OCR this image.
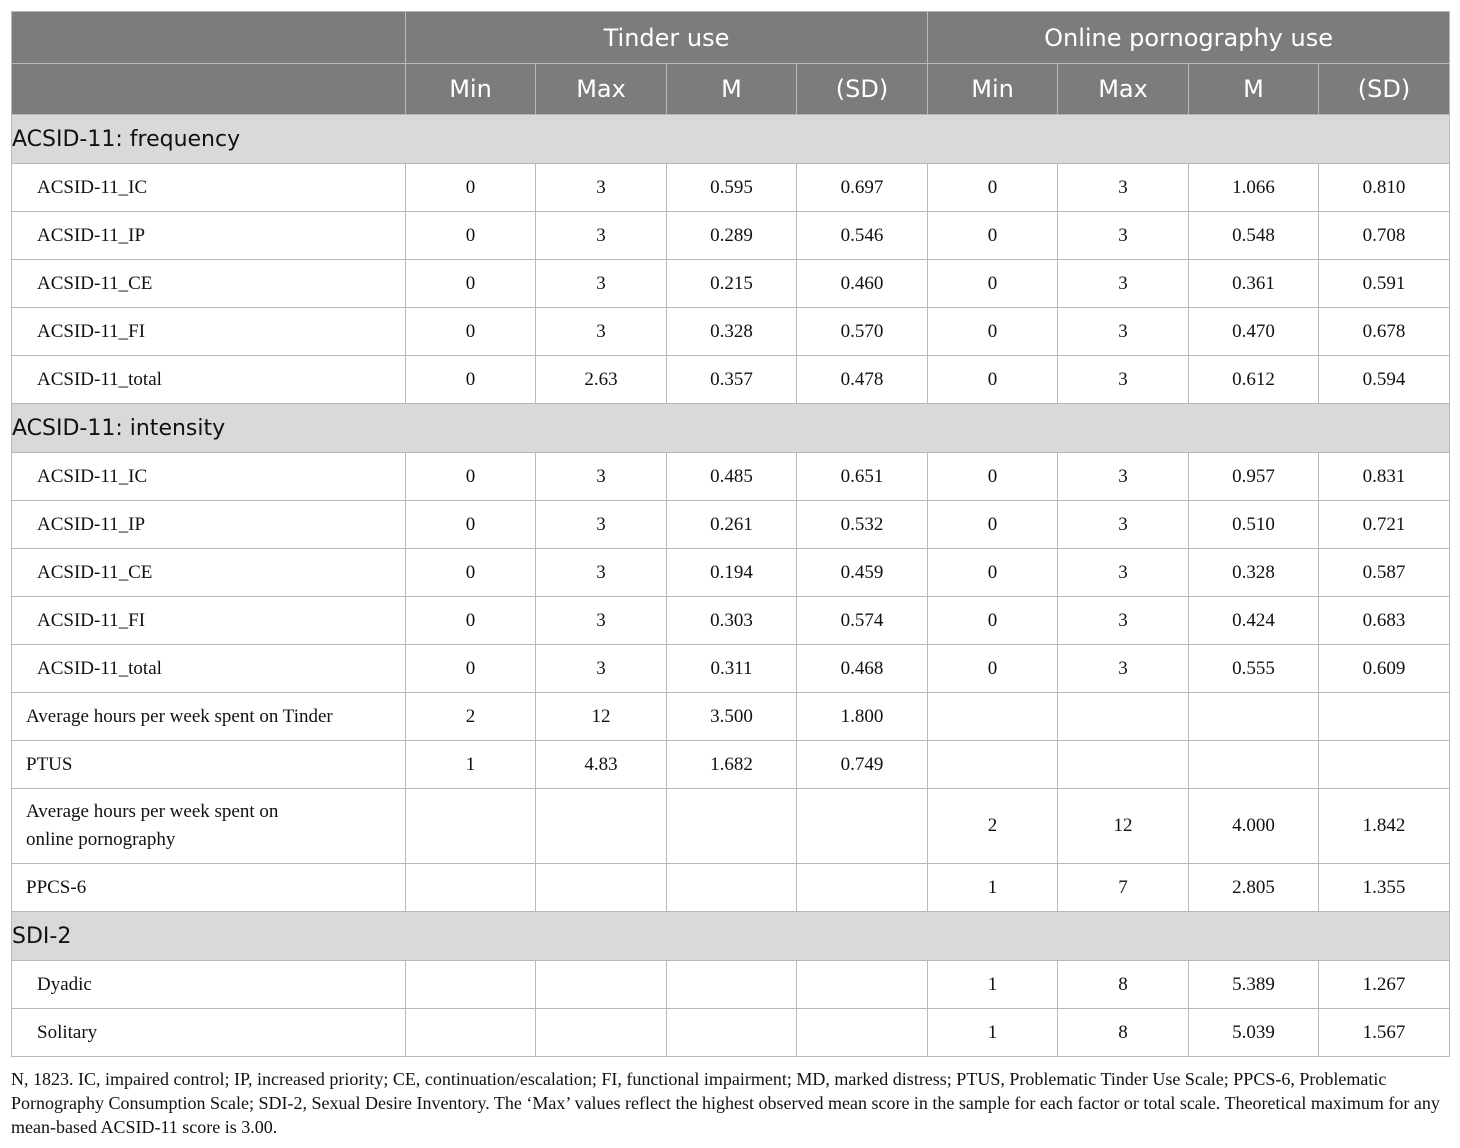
	Tinder use				Online pornography use			
	Min	Max	M	(SD)	Min	Max	M	(SD)
ACSID-11: frequency								
ACSID-11_IC	0	3	0.595	0.697	0	3	1.066	0.810
ACSID-11_IP	0	3	0.289	0.546	0	3	0.548	0.708
ACSID-11_CE	0	3	0.215	0.460	0	3	0.361	0.591
ACSID-11_FI	0	3	0.328	0.570	0	3	0.470	0.678
ACSID-11_total	0	2.63	0.357	0.478	0	3	0.612	0.594
ACSID-11: intensity								
ACSID-11_IC	0	3	0.485	0.651	0	3	0.957	0.831
ACSID-11_IP	0	3	0.261	0.532	0	3	0.510	0.721
ACSID-11_CE	0	3	0.194	0.459	0	3	0.328	0.587
ACSID-11_FI	0	3	0.303	0.574	0	3	0.424	0.683
ACSID-11_total	0	3	0.311	0.468	0	3	0.555	0.609
Average hours per week spent on Tinder	2	12	3.500	1.800				
PTUS	1	4.83	1.682	0.749				
Average hours per week spent on online pornography					2	12	4.000	1.842
PPCS-6					1	7	2.805	1.355
SDI-2								
Dyadic					1	8	5.389	1.267
Solitary					1	8	5.039	1.567
N, 1823. IC, impaired control; IP, increased priority; CE, continuation/escalation; FI, functional impairment; MD, marked distress; PTUS, Problematic Tinder Use Scale; PPCS-6, Problematic Pornography Consumption Scale; SDI-2, Sexual Desire Inventory. The ‘Max’ values reflect the highest observed mean score in the sample for each factor or total scale. Theoretical maximum for any mean-based ACSID-11 score is 3.00.
